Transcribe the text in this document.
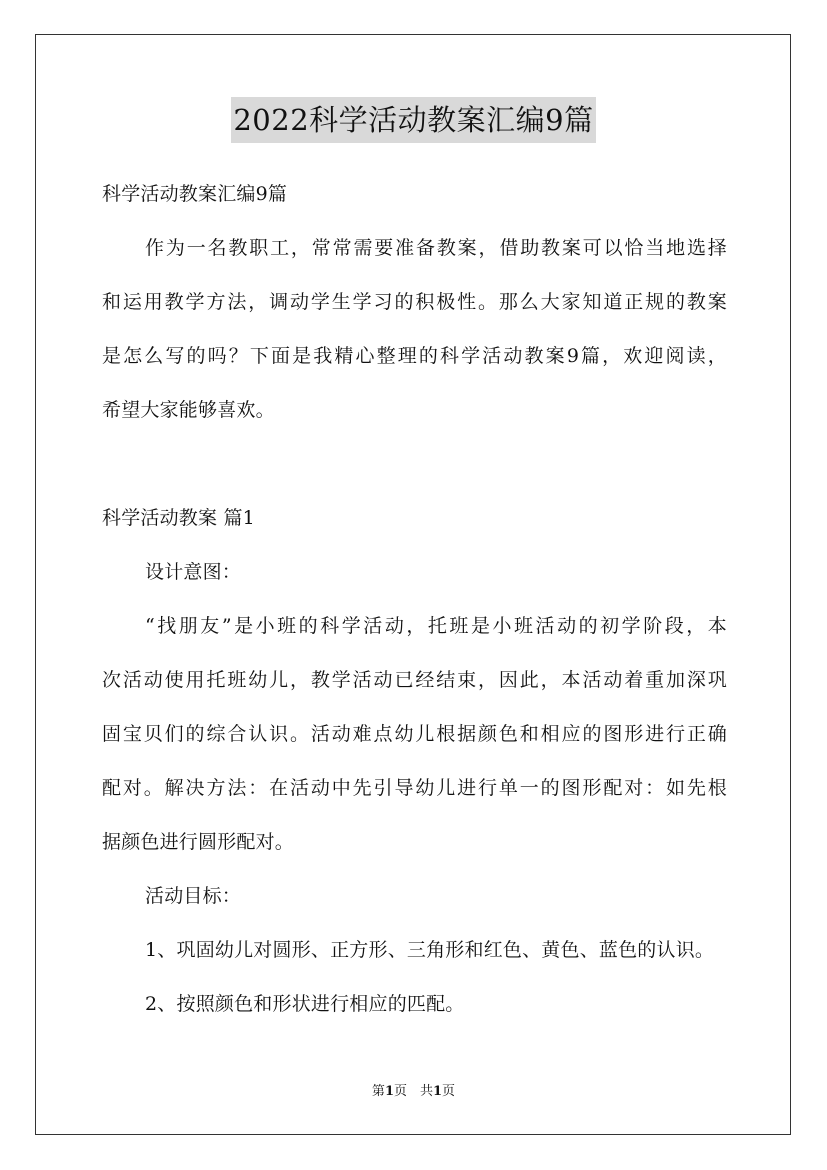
2022科学活动教案汇编9篇
科学活动教案汇编9篇
作为一名教职工，常常需要准备教案，借助教案可以恰当地选择
和运用教学方法，调动学生学习的积极性。那么大家知道正规的教案
是怎么写的吗？下面是我精心整理的科学活动教案9篇，欢迎阅读，
希望大家能够喜欢。
科学活动教案 篇1
设计意图：
“找朋友”是小班的科学活动，托班是小班活动的初学阶段，本
次活动使用托班幼儿，教学活动已经结束，因此，本活动着重加深巩
固宝贝们的综合认识。活动难点幼儿根据颜色和相应的图形进行正确
配对。解决方法：在活动中先引导幼儿进行单一的图形配对：如先根
据颜色进行圆形配对。
活动目标：
1、巩固幼儿对圆形、正方形、三角形和红色、黄色、蓝色的认识。
2、按照颜色和形状进行相应的匹配。
第1页　共1页
